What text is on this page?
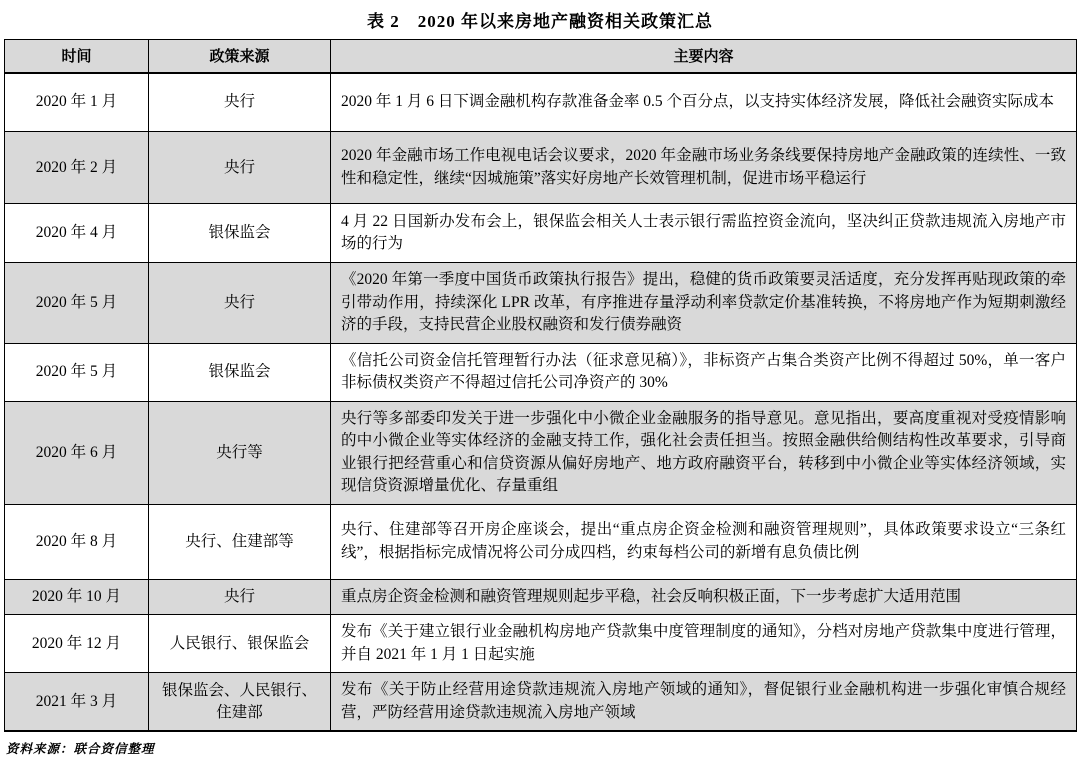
表 2　2020 年以来房地产融资相关政策汇总
时间	政策来源	主要内容
2020 年 1 月	央行	2020 年 1 月 6 日下调金融机构存款准备金率 0.5 个百分点，以支持实体经济发展，降低社会融资实际成本
2020 年 2 月	央行	2020 年金融市场工作电视电话会议要求，2020 年金融市场业务条线要保持房地产金融政策的连续性、一致性和稳定性，继续“因城施策”落实好房地产长效管理机制，促进市场平稳运行
2020 年 4 月	银保监会	4 月 22 日国新办发布会上，银保监会相关人士表示银行需监控资金流向，坚决纠正贷款违规流入房地产市场的行为
2020 年 5 月	央行	《2020 年第一季度中国货币政策执行报告》提出，稳健的货币政策要灵活适度，充分发挥再贴现政策的牵引带动作用，持续深化 LPR 改革，有序推进存量浮动利率贷款定价基准转换，不将房地产作为短期刺激经济的手段，支持民营企业股权融资和发行债券融资
2020 年 5 月	银保监会	《信托公司资金信托管理暂行办法（征求意见稿）》，非标资产占集合类资产比例不得超过 50%，单一客户非标债权类资产不得超过信托公司净资产的 30%
2020 年 6 月	央行等	央行等多部委印发关于进一步强化中小微企业金融服务的指导意见。意见指出，要高度重视对受疫情影响的中小微企业等实体经济的金融支持工作，强化社会责任担当。按照金融供给侧结构性改革要求，引导商业银行把经营重心和信贷资源从偏好房地产、地方政府融资平台，转移到中小微企业等实体经济领域，实现信贷资源增量优化、存量重组
2020 年 8 月	央行、住建部等	央行、住建部等召开房企座谈会，提出“重点房企资金检测和融资管理规则”，具体政策要求设立“三条红线”，根据指标完成情况将公司分成四档，约束每档公司的新增有息负债比例
2020 年 10 月	央行	重点房企资金检测和融资管理规则起步平稳，社会反响积极正面，下一步考虑扩大适用范围
2020 年 12 月	人民银行、银保监会	发布《关于建立银行业金融机构房地产贷款集中度管理制度的通知》，分档对房地产贷款集中度进行管理，并自 2021 年 1 月 1 日起实施
2021 年 3 月	银保监会、人民银行、住建部	发布《关于防止经营用途贷款违规流入房地产领域的通知》，督促银行业金融机构进一步强化审慎合规经营，严防经营用途贷款违规流入房地产领域
资料来源：联合资信整理
